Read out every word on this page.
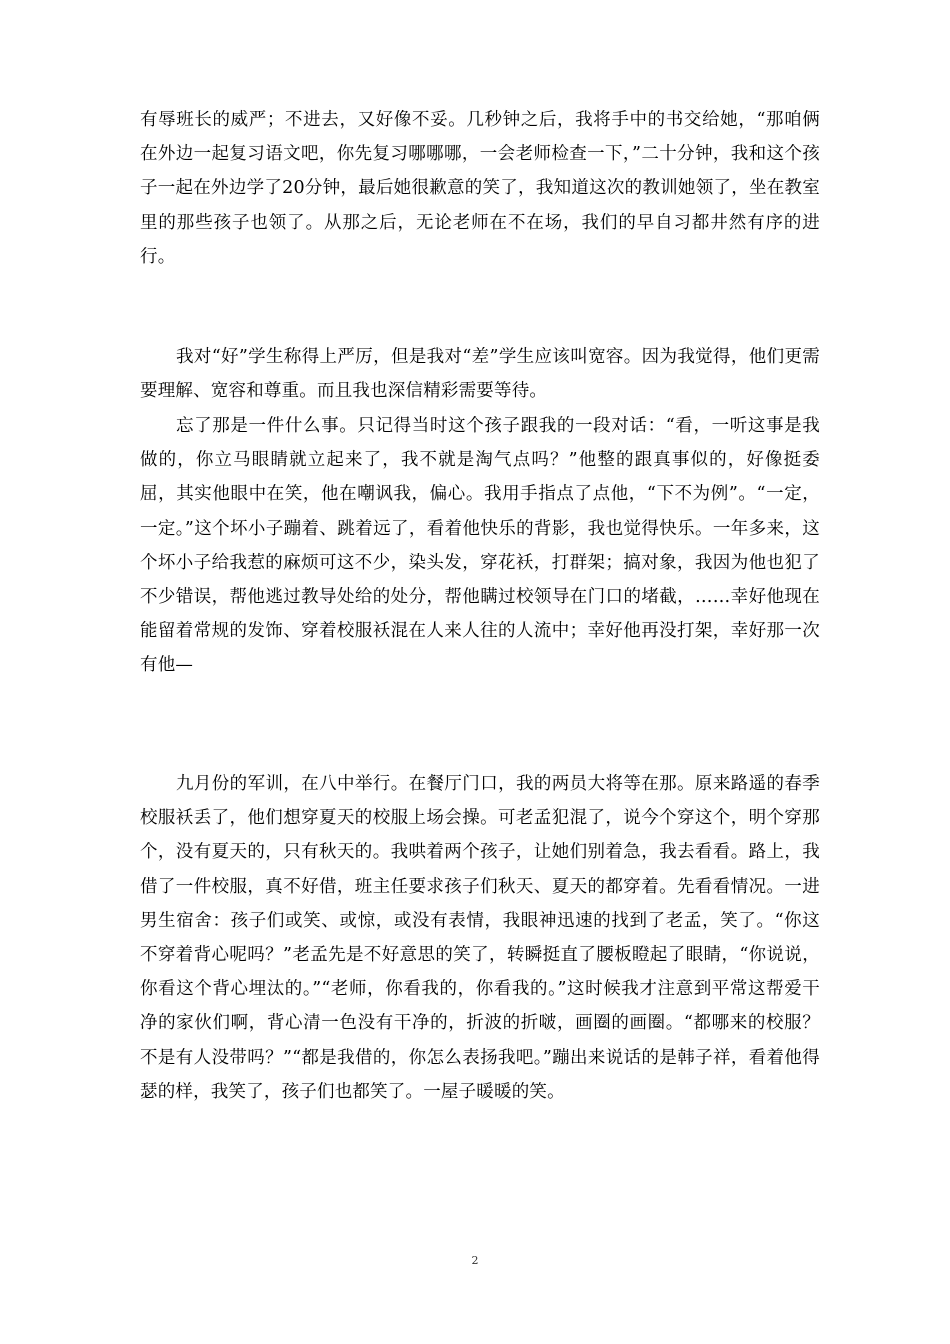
有辱班长的威严；不进去，又好像不妥。几秒钟之后，我将手中的书交给她，“那咱俩在外边一起复习语文吧，你先复习哪哪哪，一会老师检查一下，”二十分钟，我和这个孩子一起在外边学了20分钟，最后她很歉意的笑了，我知道这次的教训她领了，坐在教室里的那些孩子也领了。从那之后，无论老师在不在场，我们的早自习都井然有序的进行。

我对“好”学生称得上严厉，但是我对“差”学生应该叫宽容。因为我觉得，他们更需要理解、宽容和尊重。而且我也深信精彩需要等待。

忘了那是一件什么事。只记得当时这个孩子跟我的一段对话：“看，一听这事是我做的，你立马眼睛就立起来了，我不就是淘气点吗？”他整的跟真事似的，好像挺委屈，其实他眼中在笑，他在嘲讽我，偏心。我用手指点了点他，“下不为例”。“一定，一定。”这个坏小子蹦着、跳着远了，看着他快乐的背影，我也觉得快乐。一年多来，这个坏小子给我惹的麻烦可这不少，染头发，穿花袄，打群架；搞对象，我因为他也犯了不少错误，帮他逃过教导处给的处分，帮他瞒过校领导在门口的堵截，……幸好他现在能留着常规的发饰、穿着校服袄混在人来人往的人流中；幸好他再没打架，幸好那一次有他—

九月份的军训，在八中举行。在餐厅门口，我的两员大将等在那。原来路遥的春季校服袄丢了，他们想穿夏天的校服上场会操。可老孟犯混了，说今个穿这个，明个穿那个，没有夏天的，只有秋天的。我哄着两个孩子，让她们别着急，我去看看。路上，我借了一件校服，真不好借，班主任要求孩子们秋天、夏天的都穿着。先看看情况。一进男生宿舍：孩子们或笑、或惊，或没有表情，我眼神迅速的找到了老孟，笑了。“你这不穿着背心呢吗？”老孟先是不好意思的笑了，转瞬挺直了腰板瞪起了眼睛，“你说说，你看这个背心埋汰的。”“老师，你看我的，你看我的。”这时候我才注意到平常这帮爱干净的家伙们啊，背心清一色没有干净的，折波的折啵，画圈的画圈。“都哪来的校服？不是有人没带吗？”“都是我借的，你怎么表扬我吧。”蹦出来说话的是韩子祥，看着他得瑟的样，我笑了，孩子们也都笑了。一屋子暖暖的笑。

2
